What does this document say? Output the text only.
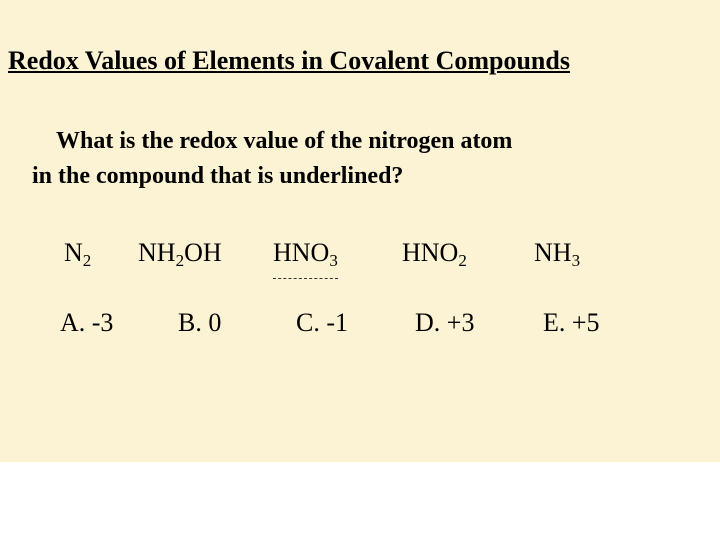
Redox Values of Elements in Covalent Compounds
What is the redox value of the nitrogen atom
in the compound that is underlined?
$N_2$ $NH_2OH$ $HNO_3$ $HNO_2$	$NH_3$
A. -3 B. 0	C. -1	D. +3	E. +5
